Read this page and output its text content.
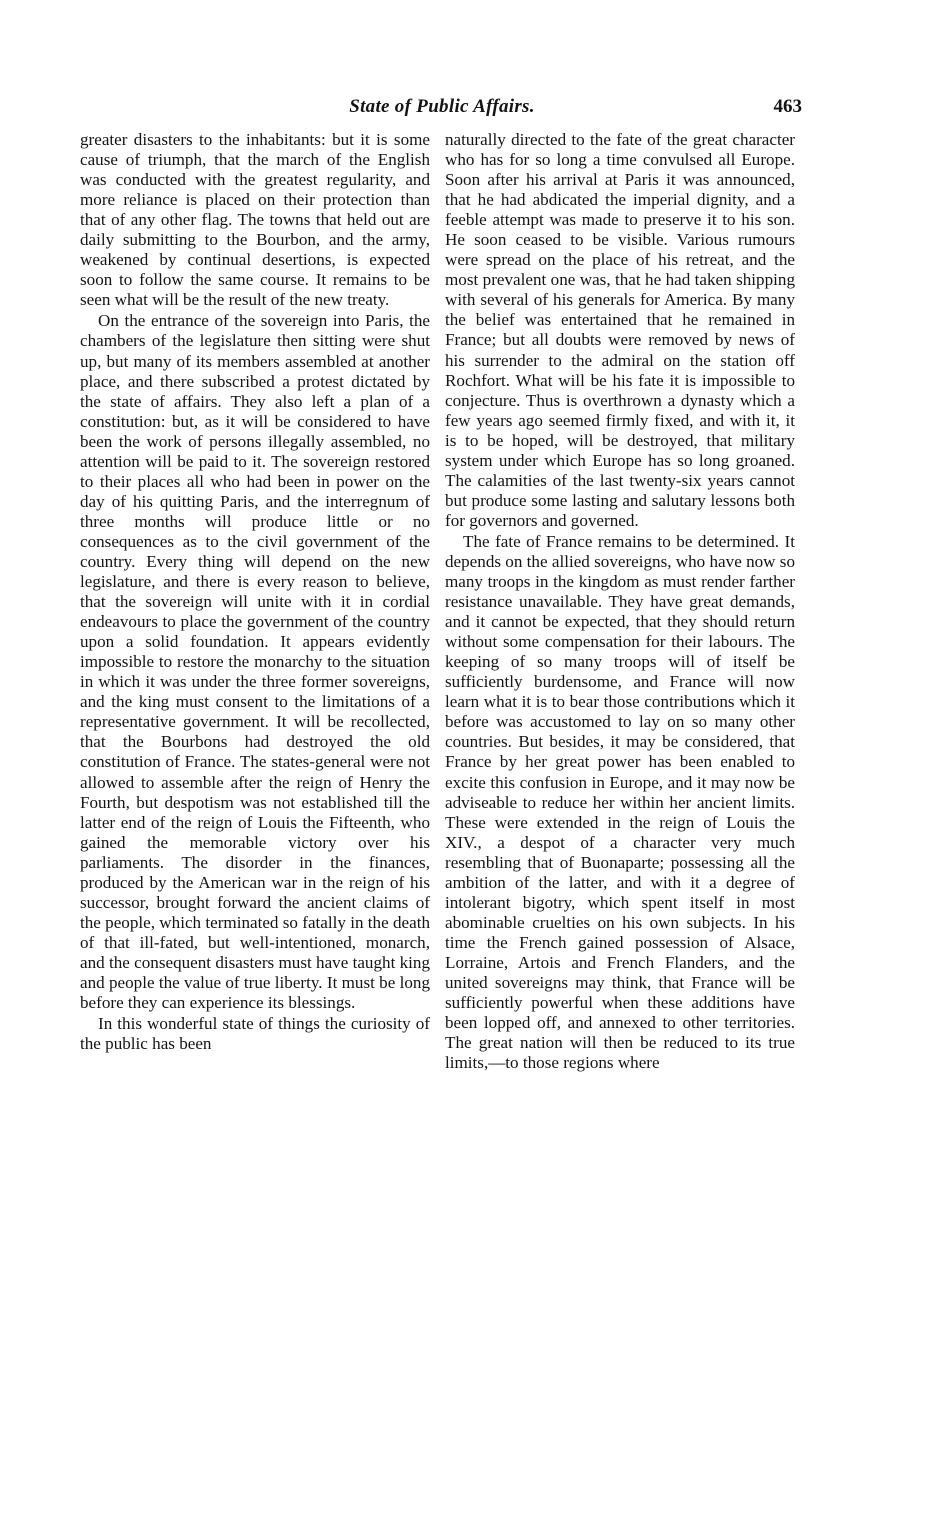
State of Public Affairs.	463

greater disasters to the inhabitants: but it is some cause of triumph, that the march of the English was conducted with the greatest regularity, and more reliance is placed on their protection than that of any other flag. The towns that held out are daily submitting to the Bourbon, and the army, weakened by continual desertions, is expected soon to follow the same course. It remains to be seen what will be the result of the new treaty.

On the entrance of the sovereign into Paris, the chambers of the legislature then sitting were shut up, but many of its members assembled at another place, and there subscribed a protest dictated by the state of affairs. They also left a plan of a constitution: but, as it will be considered to have been the work of persons illegally assembled, no attention will be paid to it. The sovereign restored to their places all who had been in power on the day of his quitting Paris, and the interregnum of three months will produce little or no consequences as to the civil government of the country. Every thing will depend on the new legislature, and there is every reason to believe, that the sovereign will unite with it in cordial endeavours to place the government of the country upon a solid foundation. It appears evidently impossible to restore the monarchy to the situation in which it was under the three former sovereigns, and the king must consent to the limitations of a representative government. It will be recollected, that the Bourbons had destroyed the old constitution of France. The states-general were not allowed to assemble after the reign of Henry the Fourth, but despotism was not established till the latter end of the reign of Louis the Fifteenth, who gained the memorable victory over his parliaments. The disorder in the finances, produced by the American war in the reign of his successor, brought forward the ancient claims of the people, which terminated so fatally in the death of that ill-fated, but well-intentioned, monarch, and the consequent disasters must have taught king and people the value of true liberty. It must be long before they can experience its blessings.

In this wonderful state of things the curiosity of the public has been

naturally directed to the fate of the great character who has for so long a time convulsed all Europe. Soon after his arrival at Paris it was announced, that he had abdicated the imperial dignity, and a feeble attempt was made to preserve it to his son. He soon ceased to be visible. Various rumours were spread on the place of his retreat, and the most prevalent one was, that he had taken shipping with several of his generals for America. By many the belief was entertained that he remained in France; but all doubts were removed by news of his surrender to the admiral on the station off Rochfort. What will be his fate it is impossible to conjecture. Thus is overthrown a dynasty which a few years ago seemed firmly fixed, and with it, it is to be hoped, will be destroyed, that military system under which Europe has so long groaned. The calamities of the last twenty-six years cannot but produce some lasting and salutary lessons both for governors and governed.

The fate of France remains to be determined. It depends on the allied sovereigns, who have now so many troops in the kingdom as must render farther resistance unavailable. They have great demands, and it cannot be expected, that they should return without some compensation for their labours. The keeping of so many troops will of itself be sufficiently burdensome, and France will now learn what it is to bear those contributions which it before was accustomed to lay on so many other countries. But besides, it may be considered, that France by her great power has been enabled to excite this confusion in Europe, and it may now be adviseable to reduce her within her ancient limits. These were extended in the reign of Louis the XIV., a despot of a character very much resembling that of Buonaparte; possessing all the ambition of the latter, and with it a degree of intolerant bigotry, which spent itself in most abominable cruelties on his own subjects. In his time the French gained possession of Alsace, Lorraine, Artois and French Flanders, and the united sovereigns may think, that France will be sufficiently powerful when these additions have been lopped off, and annexed to other territories. The great nation will then be reduced to its true limits,—to those regions where
